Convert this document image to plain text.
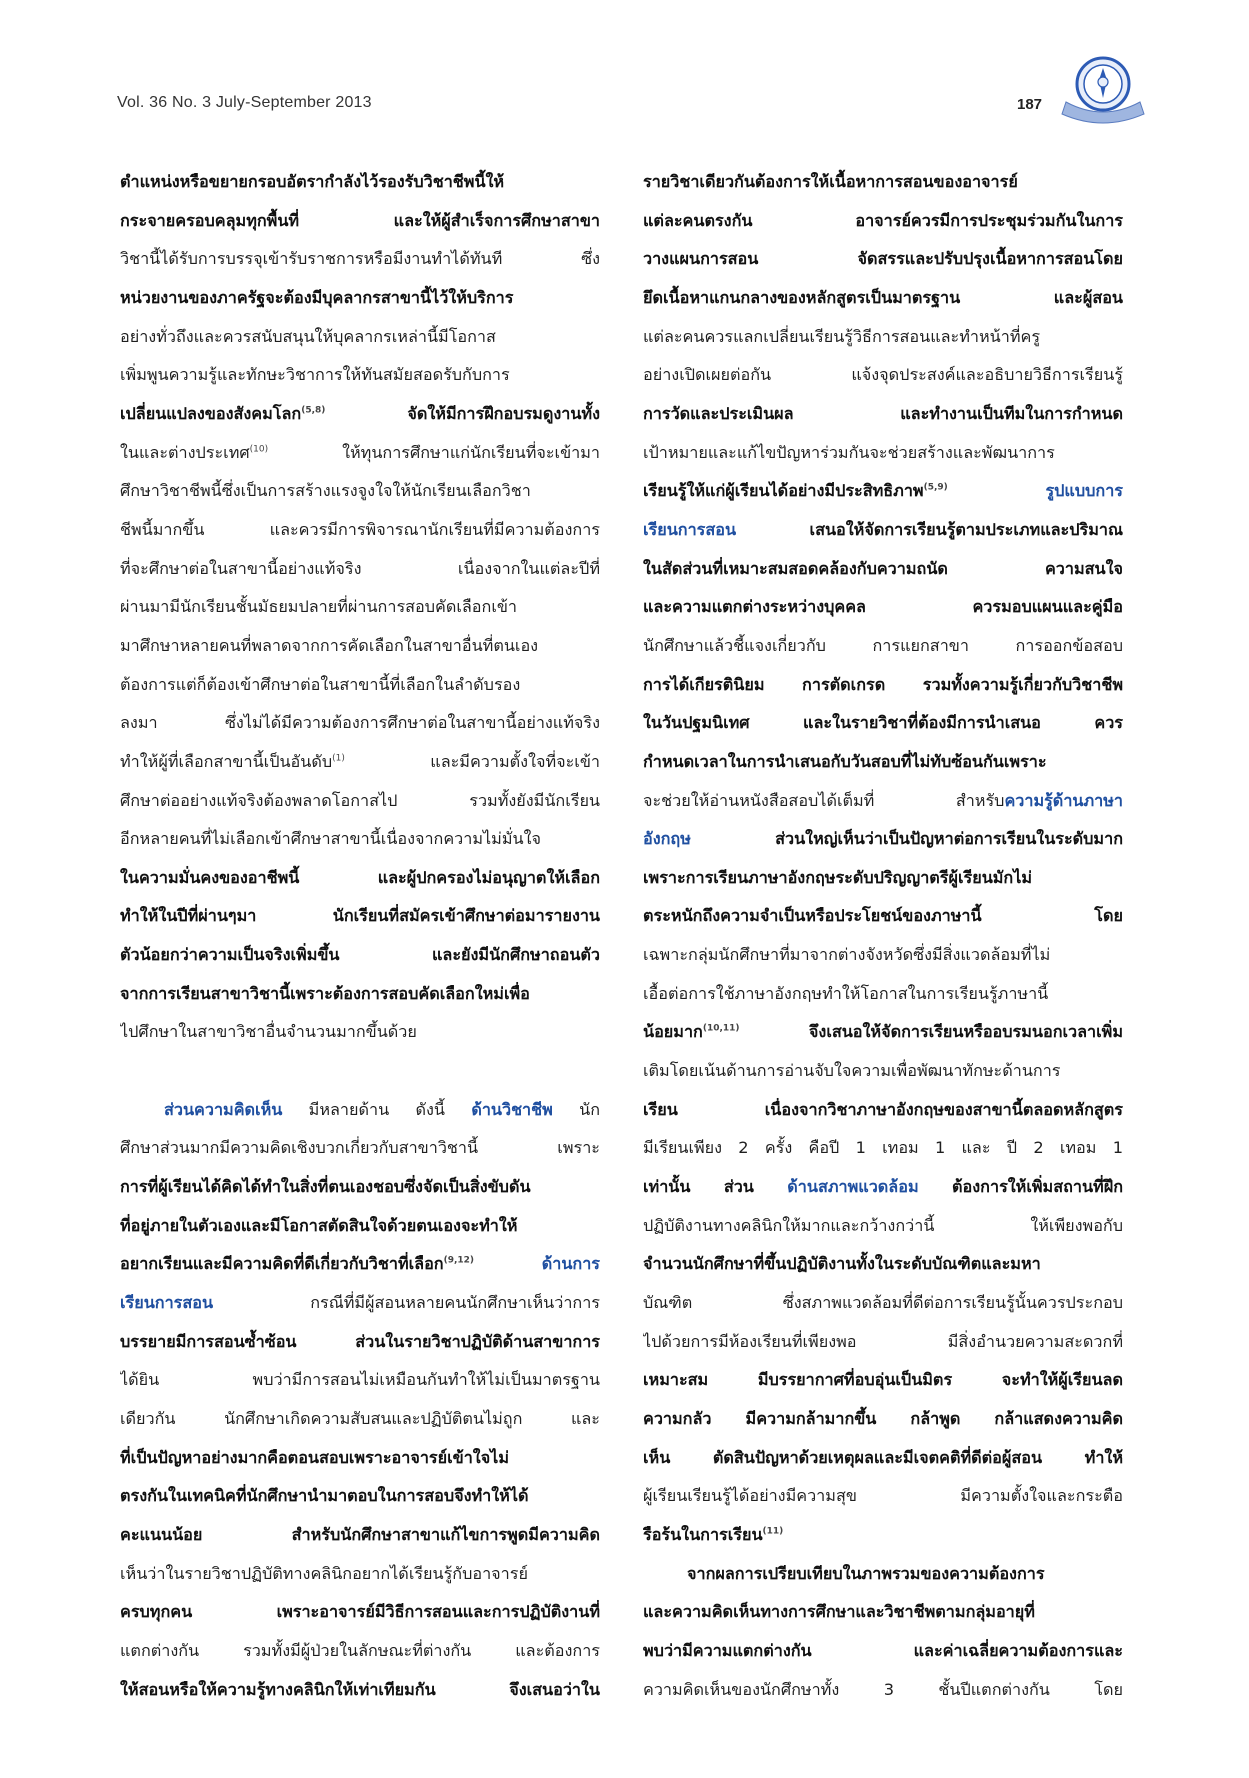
Vol. 36 No. 3 July-September 2013	187
ตำแหน่งหรือขยายกรอบอัตรากำลังไว้รองรับวิชาชีพนี้ให้
กระจายครอบคลุมทุกพื้นที่ และให้ผู้สำเร็จการศึกษาสาขา
วิชานี้ได้รับการบรรจุเข้ารับราชการหรือมีงานทำได้ทันที ซึ่ง
หน่วยงานของภาครัฐจะต้องมีบุคลากรสาขานี้ไว้ให้บริการ
อย่างทั่วถึงและควรสนับสนุนให้บุคลากรเหล่านี้มีโอกาส
เพิ่มพูนความรู้และทักษะวิชาการให้ทันสมัยสอดรับกับการ
เปลี่ยนแปลงของสังคมโลก$^{(5,8)}$ จัดให้มีการฝึกอบรมดูงานทั้ง
ในและต่างประเทศ$^{(10)}$ ให้ทุนการศึกษาแก่นักเรียนที่จะเข้ามา
ศึกษาวิชาชีพนี้ซึ่งเป็นการสร้างแรงจูงใจให้นักเรียนเลือกวิชา
ชีพนี้มากขึ้น และควรมีการพิจารณานักเรียนที่มีความต้องการ
ที่จะศึกษาต่อในสาขานี้อย่างแท้จริง เนื่องจากในแต่ละปีที่
ผ่านมามีนักเรียนชั้นมัธยมปลายที่ผ่านการสอบคัดเลือกเข้า
มาศึกษาหลายคนที่พลาดจากการคัดเลือกในสาขาอื่นที่ตนเอง
ต้องการแต่ก็ต้องเข้าศึกษาต่อในสาขานี้ที่เลือกในลำดับรอง
ลงมา ซึ่งไม่ได้มีความต้องการศึกษาต่อในสาขานี้อย่างแท้จริง
ทำให้ผู้ที่เลือกสาขานี้เป็นอันดับ$^{(1)}$ และมีความตั้งใจที่จะเข้า
ศึกษาต่ออย่างแท้จริงต้องพลาดโอกาสไป รวมทั้งยังมีนักเรียน
อีกหลายคนที่ไม่เลือกเข้าศึกษาสาขานี้เนื่องจากความไม่มั่นใจ
ในความมั่นคงของอาชีพนี้ และผู้ปกครองไม่อนุญาตให้เลือก
ทำให้ในปีที่ผ่านๆมา นักเรียนที่สมัครเข้าศึกษาต่อมารายงาน
ตัวน้อยกว่าความเป็นจริงเพิ่มขึ้น และยังมีนักศึกษาถอนตัว
จากการเรียนสาขาวิชานี้เพราะต้องการสอบคัดเลือกใหม่เพื่อ
ไปศึกษาในสาขาวิชาอื่นจำนวนมากขึ้นด้วย
ส่วนความคิดเห็น มีหลายด้าน ดังนี้ ด้านวิชาชีพ นัก
ศึกษาส่วนมากมีความคิดเชิงบวกเกี่ยวกับสาขาวิชานี้ เพราะ
การที่ผู้เรียนได้คิดได้ทำในสิ่งที่ตนเองชอบซึ่งจัดเป็นสิ่งขับดัน
ที่อยู่ภายในตัวเองและมีโอกาสตัดสินใจด้วยตนเองจะทำให้
อยากเรียนและมีความคิดที่ดีเกี่ยวกับวิชาที่เลือก$^{(9,12)}$ ด้านการ
เรียนการสอน กรณีที่มีผู้สอนหลายคนนักศึกษาเห็นว่าการ
บรรยายมีการสอนซ้ำซ้อน ส่วนในรายวิชาปฏิบัติด้านสาขาการ
ได้ยิน พบว่ามีการสอนไม่เหมือนกันทำให้ไม่เป็นมาตรฐาน
เดียวกัน นักศึกษาเกิดความสับสนและปฏิบัติตนไม่ถูก และ
ที่เป็นปัญหาอย่างมากคือตอนสอบเพราะอาจารย์เข้าใจไม่
ตรงกันในเทคนิคที่นักศึกษานำมาตอบในการสอบจึงทำให้ได้
คะแนนน้อย สำหรับนักศึกษาสาขาแก้ไขการพูดมีความคิด
เห็นว่าในรายวิชาปฏิบัติทางคลินิกอยากได้เรียนรู้กับอาจารย์
ครบทุกคน เพราะอาจารย์มีวิธีการสอนและการปฏิบัติงานที่
แตกต่างกัน รวมทั้งมีผู้ป่วยในลักษณะที่ต่างกัน และต้องการ
ให้สอนหรือให้ความรู้ทางคลินิกให้เท่าเทียมกัน จึงเสนอว่าใน
รายวิชาเดียวกันต้องการให้เนื้อหาการสอนของอาจารย์
แต่ละคนตรงกัน อาจารย์ควรมีการประชุมร่วมกันในการ
วางแผนการสอน จัดสรรและปรับปรุงเนื้อหาการสอนโดย
ยึดเนื้อหาแกนกลางของหลักสูตรเป็นมาตรฐาน และผู้สอน
แต่ละคนควรแลกเปลี่ยนเรียนรู้วิธีการสอนและทำหน้าที่ครู
อย่างเปิดเผยต่อกัน แจ้งจุดประสงค์และอธิบายวิธีการเรียนรู้
การวัดและประเมินผล และทำงานเป็นทีมในการกำหนด
เป้าหมายและแก้ไขปัญหาร่วมกันจะช่วยสร้างและพัฒนาการ
เรียนรู้ให้แก่ผู้เรียนได้อย่างมีประสิทธิภาพ$^{(5,9)}$ รูปแบบการ
เรียนการสอน เสนอให้จัดการเรียนรู้ตามประเภทและปริมาณ
ในสัดส่วนที่เหมาะสมสอดคล้องกับความถนัด ความสนใจ
และความแตกต่างระหว่างบุคคล ควรมอบแผนและคู่มือ
นักศึกษาแล้วชี้แจงเกี่ยวกับ การแยกสาขา การออกข้อสอบ
การได้เกียรตินิยม การตัดเกรด รวมทั้งความรู้เกี่ยวกับวิชาชีพ
ในวันปฐมนิเทศ และในรายวิชาที่ต้องมีการนำเสนอ ควร
กำหนดเวลาในการนำเสนอกับวันสอบที่ไม่ทับซ้อนกันเพราะ
จะช่วยให้อ่านหนังสือสอบได้เต็มที่ สำหรับความรู้ด้านภาษา
อังกฤษ ส่วนใหญ่เห็นว่าเป็นปัญหาต่อการเรียนในระดับมาก
เพราะการเรียนภาษาอังกฤษระดับปริญญาตรีผู้เรียนมักไม่
ตระหนักถึงความจำเป็นหรือประโยชน์ของภาษานี้ โดย
เฉพาะกลุ่มนักศึกษาที่มาจากต่างจังหวัดซึ่งมีสิ่งแวดล้อมที่ไม่
เอื้อต่อการใช้ภาษาอังกฤษทำให้โอกาสในการเรียนรู้ภาษานี้
น้อยมาก$^{(10,11)}$ จึงเสนอให้จัดการเรียนหรืออบรมนอกเวลาเพิ่ม
เติมโดยเน้นด้านการอ่านจับใจความเพื่อพัฒนาทักษะด้านการ
เรียน เนื่องจากวิชาภาษาอังกฤษของสาขานี้ตลอดหลักสูตร
มีเรียนเพียง 2 ครั้ง คือปี 1 เทอม 1 และ ปี 2 เทอม 1
เท่านั้น ส่วน ด้านสภาพแวดล้อม ต้องการให้เพิ่มสถานที่ฝึก
ปฏิบัติงานทางคลินิกให้มากและกว้างกว่านี้ ให้เพียงพอกับ
จำนวนนักศึกษาที่ขึ้นปฏิบัติงานทั้งในระดับบัณฑิตและมหา
บัณฑิต ซึ่งสภาพแวดล้อมที่ดีต่อการเรียนรู้นั้นควรประกอบ
ไปด้วยการมีห้องเรียนที่เพียงพอ มีสิ่งอำนวยความสะดวกที่
เหมาะสม มีบรรยากาศที่อบอุ่นเป็นมิตร จะทำให้ผู้เรียนลด
ความกลัว มีความกล้ามากขึ้น กล้าพูด กล้าแสดงความคิด
เห็น ตัดสินปัญหาด้วยเหตุผลและมีเจตคติที่ดีต่อผู้สอน ทำให้
ผู้เรียนเรียนรู้ได้อย่างมีความสุข มีความตั้งใจและกระตือ
รือร้นในการเรียน$^{(11)}$
จากผลการเปรียบเทียบในภาพรวมของความต้องการ
และความคิดเห็นทางการศึกษาและวิชาชีพตามกลุ่มอายุที่
พบว่ามีความแตกต่างกัน และค่าเฉลี่ยความต้องการและ
ความคิดเห็นของนักศึกษาทั้ง 3 ชั้นปีแตกต่างกัน โดย
